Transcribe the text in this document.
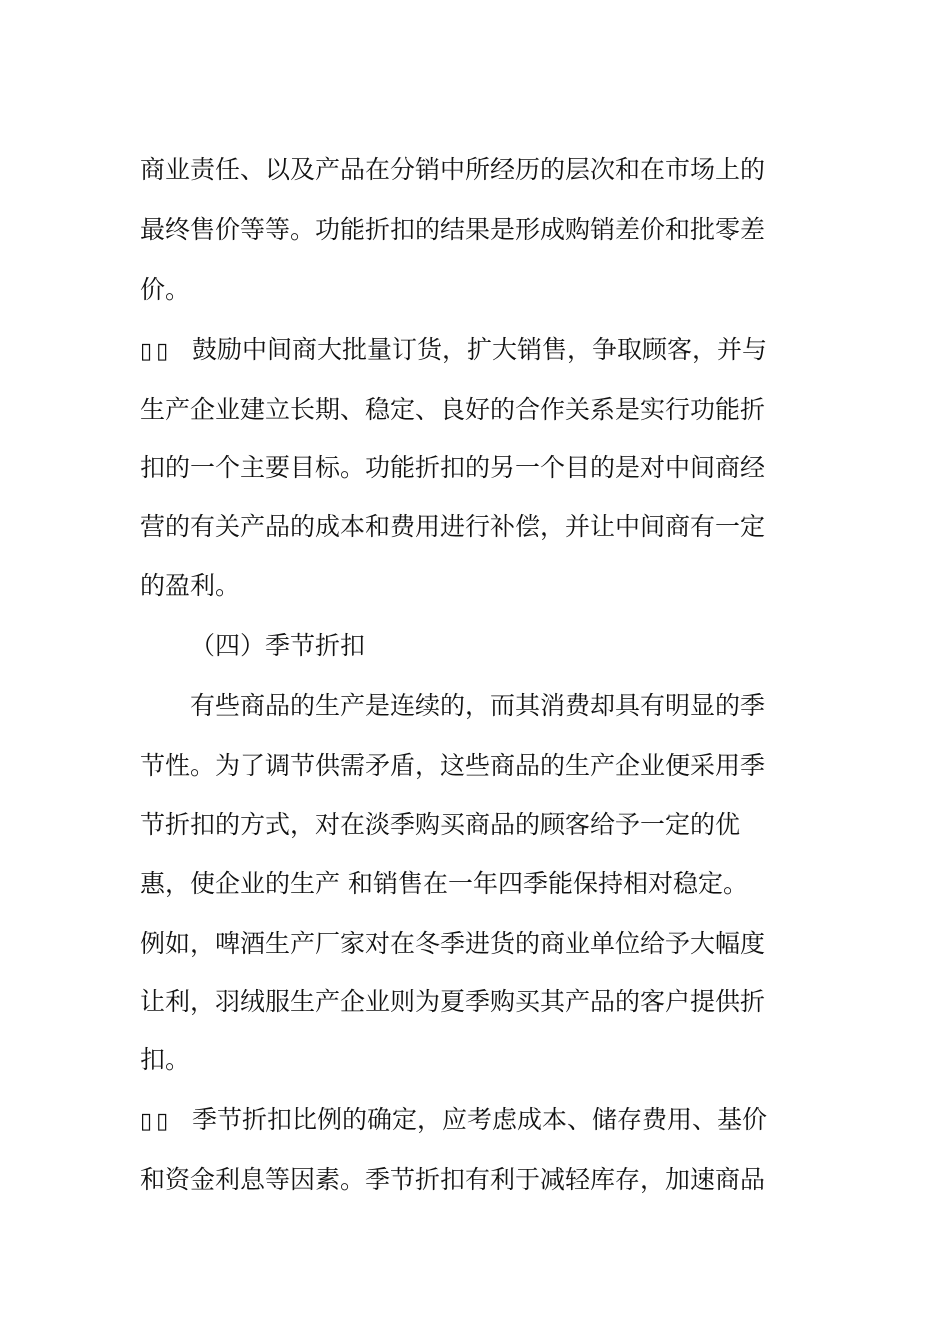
商业责任、以及产品在分销中所经历的层次和在市场上的
最终售价等等。功能折扣的结果是形成购销差价和批零差
价。
▯▯ 鼓励中间商大批量订货，扩大销售，争取顾客，并与
生产企业建立长期、稳定、良好的合作关系是实行功能折
扣的一个主要目标。功能折扣的另一个目的是对中间商经
营的有关产品的成本和费用进行补偿，并让中间商有一定
的盈利。
（四）季节折扣
有些商品的生产是连续的，而其消费却具有明显的季
节性。为了调节供需矛盾，这些商品的生产企业便采用季
节折扣的方式，对在淡季购买商品的顾客给予一定的优
惠，使企业的生产 和销售在一年四季能保持相对稳定。
例如，啤酒生产厂家对在冬季进货的商业单位给予大幅度
让利，羽绒服生产企业则为夏季购买其产品的客户提供折
扣。
▯▯ 季节折扣比例的确定，应考虑成本、储存费用、基价
和资金利息等因素。季节折扣有利于减轻库存，加速商品
